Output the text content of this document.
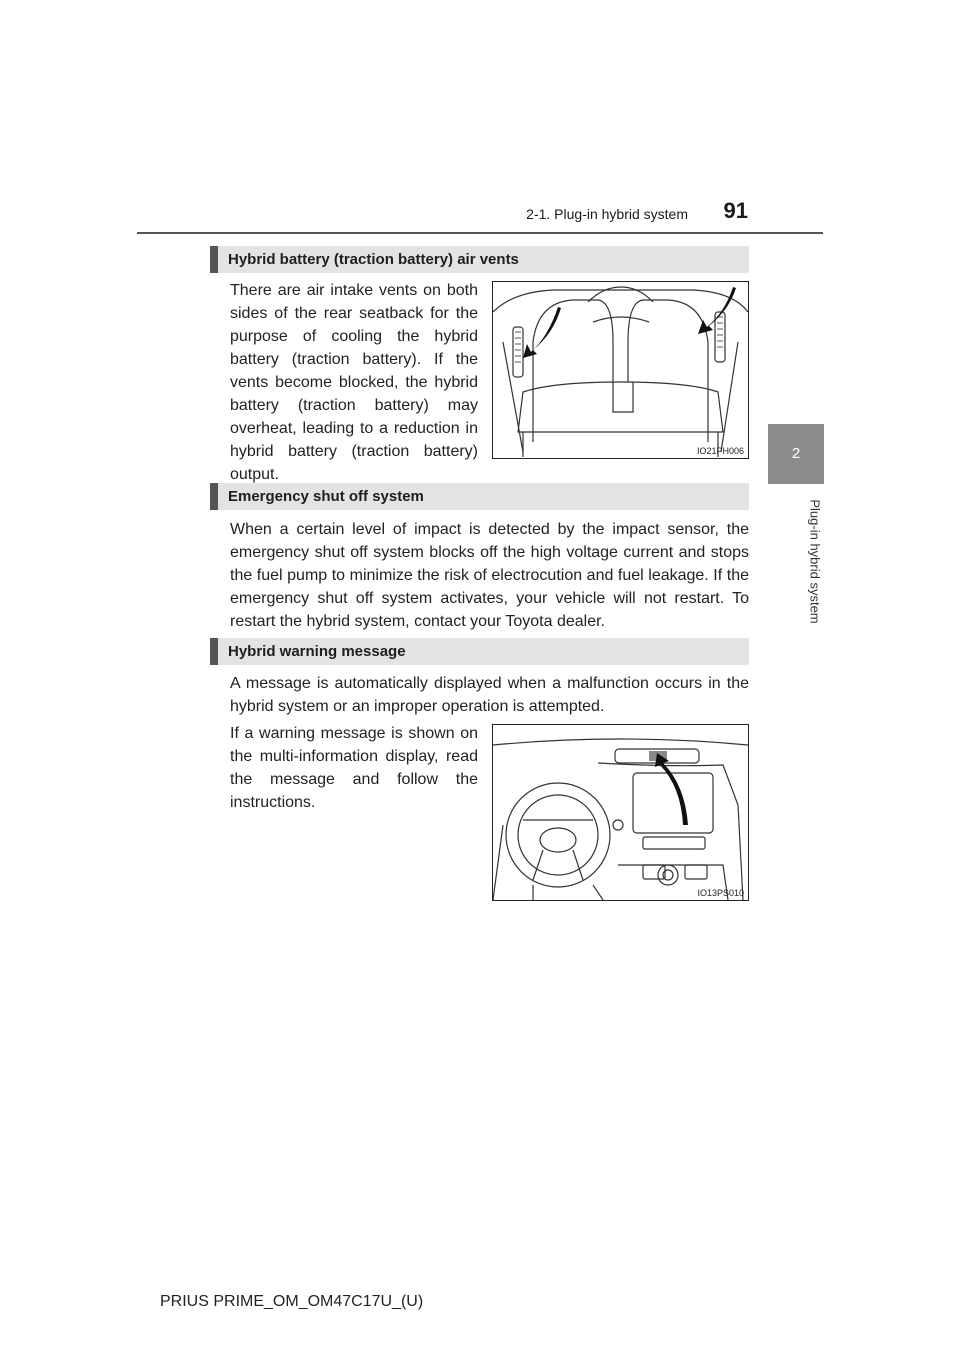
2-1. Plug-in hybrid system	91
2
Plug-in hybrid system
Hybrid battery (traction battery) air vents
There are air intake vents on both sides of the rear seatback for the purpose of cooling the hybrid battery (traction battery). If the vents become blocked, the hybrid battery (traction battery) may overheat, leading to a reduction in hybrid battery (traction battery) output.
IO21PH006
Emergency shut off system
When a certain level of impact is detected by the impact sensor, the emergency shut off system blocks off the high voltage current and stops the fuel pump to minimize the risk of electrocution and fuel leakage. If the emergency shut off system activates, your vehicle will not restart. To restart the hybrid system, contact your Toyota dealer.
Hybrid warning message
A message is automatically displayed when a malfunction occurs in the hybrid system or an improper operation is attempted.
If a warning message is shown on the multi-information display, read the message and follow the instructions.
IO13PS010
PRIUS PRIME_OM_OM47C17U_(U)
